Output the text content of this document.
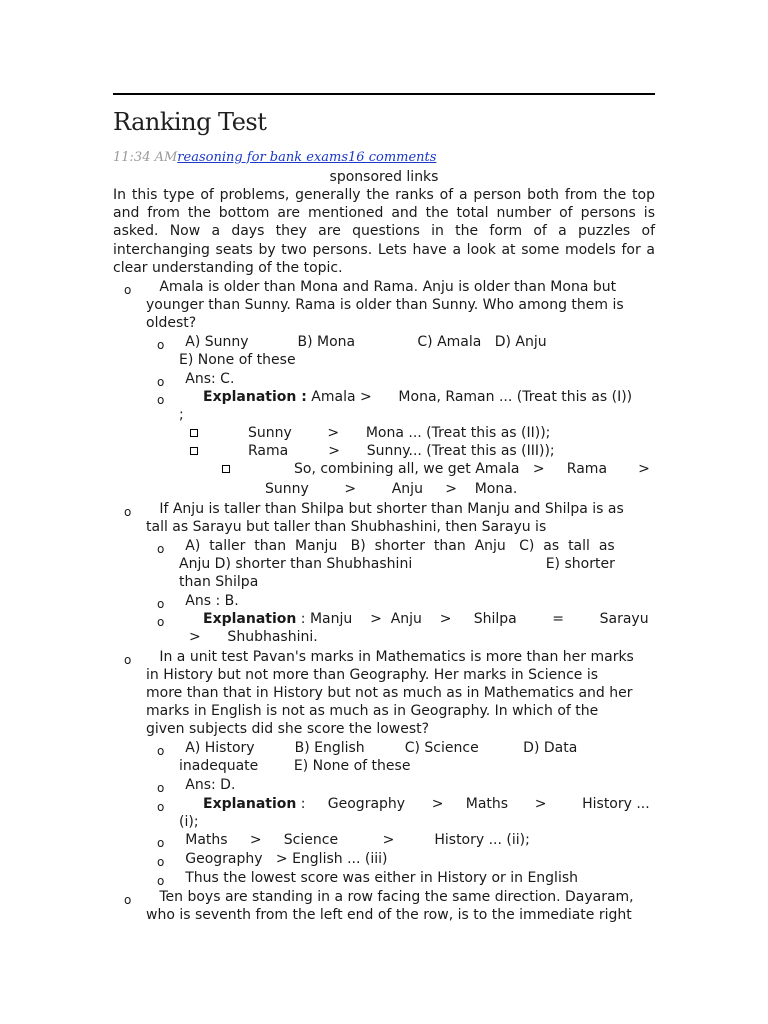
Ranking Test
11:34 AMreasoning for bank exams16 comments
sponsored links
In this type of problems, generally the ranks of a person both from the top and from the bottom are mentioned and the total number of persons is asked. Now a days they are questions in the form of a puzzles of interchanging seats by two persons. Lets have a look at some models for a clear understanding of the topic.
o Amala is older than Mona and Rama. Anju is older than Mona but
younger than Sunny. Rama is older than Sunny. Who among them is
oldest?
o
A) Sunny           B) Mona              C) Amala   D) Anju
E) None of these
o
Ans: C.
o	Explanation : Amala >      Mona, Raman ... (Treat this as (I))
;
Sunny        >      Mona ... (Treat this as (II));
Rama         >      Sunny... (Treat this as (III));
So, combining all, we get Amala   >     Rama       >
Sunny        >        Anju     >    Mona.
o If Anju is taller than Shilpa but shorter than Manju and Shilpa is as
tall as Sarayu but taller than Shubhashini, then Sarayu is
o
A)  taller  than  Manju   B)  shorter  than  Anju   C)  as  tall  as
Anju D) shorter than Shubhashini                              E) shorter
than Shilpa
o
Ans : B.
o	Explanation : Manju    >  Anju    >     Shilpa        =        Sarayu
>      Shubhashini.
o In a unit test Pavan's marks in Mathematics is more than her marks
in History but not more than Geography. Her marks in Science is
more than that in History but not as much as in Mathematics and her
marks in English is not as much as in Geography. In which of the
given subjects did she score the lowest?
o
A) History         B) English         C) Science          D) Data
inadequate        E) None of these
o
Ans: D.
o	Explanation :     Geography      >     Maths      >        History ...
(i);
o
Maths     >     Science          >         History ... (ii);
o
Geography   > English ... (iii)
o
Thus the lowest score was either in History or in English
o Ten boys are standing in a row facing the same direction. Dayaram,
who is seventh from the left end of the row, is to the immediate right
